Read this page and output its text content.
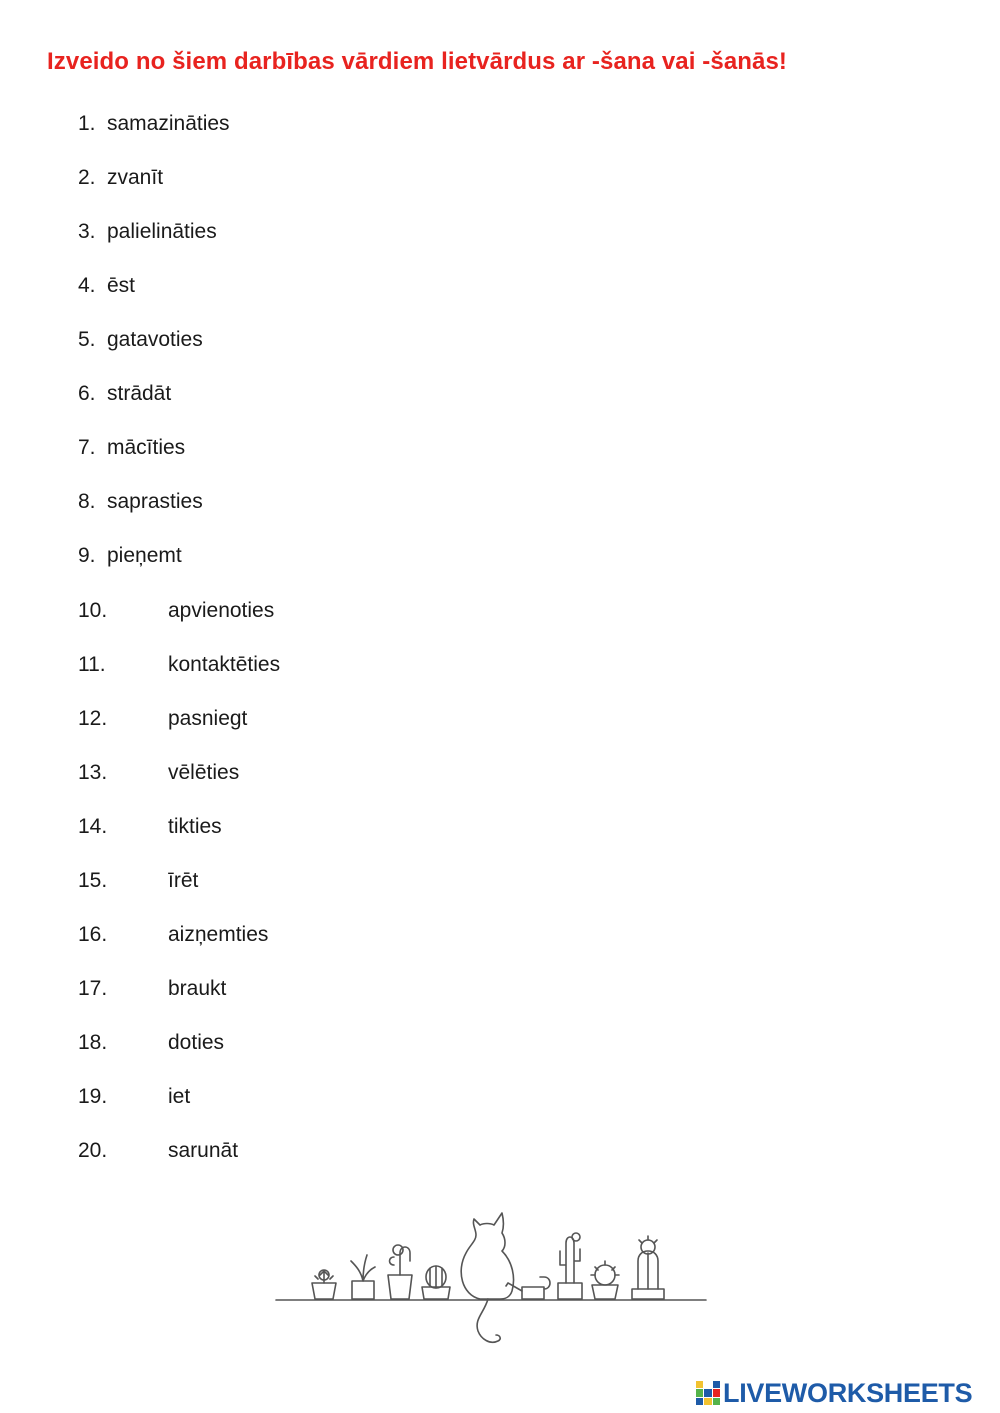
Izveido no šiem darbības vārdiem lietvārdus ar -šana vai -šanās!
1. samazināties
2. zvanīt
3. palielināties
4. ēst
5. gatavoties
6. strādāt
7. mācīties
8. saprasties
9. pieņemt
10.	apvienoties
11.	kontaktēties
12.	pasniegt
13.	vēlēties
14.	tikties
15.	īrēt
16.	aizņemties
17.	braukt
18.	doties
19.	iet
20.	sarunāt
LIVEWORKSHEETS
